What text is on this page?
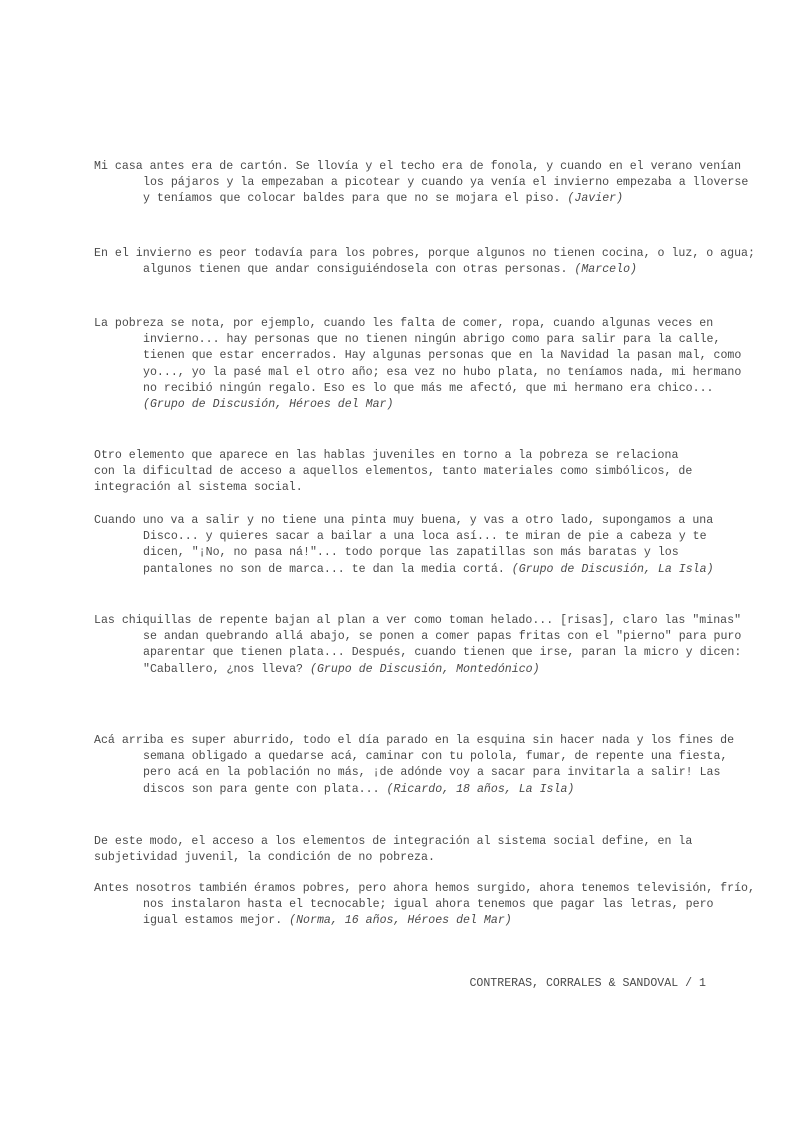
Mi casa antes era de cartón. Se llovía y el techo era de fonola, y cuando en el verano venían los pájaros y la empezaban a picotear y cuando ya venía el invierno empezaba a lloverse y teníamos que colocar baldes para que no se mojara el piso. (Javier)
En el invierno es peor todavía para los pobres, porque algunos no tienen cocina, o luz, o agua; algunos tienen que andar consiguiéndosela con otras personas. (Marcelo)
La pobreza se nota, por ejemplo, cuando les falta de comer, ropa, cuando algunas veces en invierno... hay personas que no tienen ningún abrigo como para salir para la calle, tienen que estar encerrados. Hay algunas personas que en la Navidad la pasan mal, como yo..., yo la pasé mal el otro año; esa vez no hubo plata, no teníamos nada, mi hermano no recibió ningún regalo. Eso es lo que más me afectó, que mi hermano era chico... (Grupo de Discusión, Héroes del Mar)
Otro elemento que aparece en las hablas juveniles en torno a la pobreza se relaciona con la dificultad de acceso a aquellos elementos, tanto materiales como simbólicos, de integración al sistema social.
Cuando uno va a salir y no tiene una pinta muy buena, y vas a otro lado, supongamos a una Disco... y quieres sacar a bailar a una loca así... te miran de pie a cabeza y te dicen, "¡No, no pasa ná!"... todo porque las zapatillas son más baratas y los pantalones no son de marca... te dan la media cortá. (Grupo de Discusión, La Isla)
Las chiquillas de repente bajan al plan a ver como toman helado... [risas], claro las "minas" se andan quebrando allá abajo, se ponen a comer papas fritas con el "pierno" para puro aparentar que tienen plata... Después, cuando tienen que irse, paran la micro y dicen: "Caballero, ¿nos lleva? (Grupo de Discusión, Montedónico)
Acá arriba es super aburrido, todo el día parado en la esquina sin hacer nada y los fines de semana obligado a quedarse acá, caminar con tu polola, fumar, de repente una fiesta, pero acá en la población no más, ¡de adónde voy a sacar para invitarla a salir! Las discos son para gente con plata... (Ricardo, 18 años, La Isla)
De este modo, el acceso a los elementos de integración al sistema social define, en la subjetividad juvenil, la condición de no pobreza.
Antes nosotros también éramos pobres, pero ahora hemos surgido, ahora tenemos televisión, frío, nos instalaron hasta el tecnocable; igual ahora tenemos que pagar las letras, pero igual estamos mejor. (Norma, 16 años, Héroes del Mar)
CONTRERAS, CORRALES & SANDOVAL / 1
